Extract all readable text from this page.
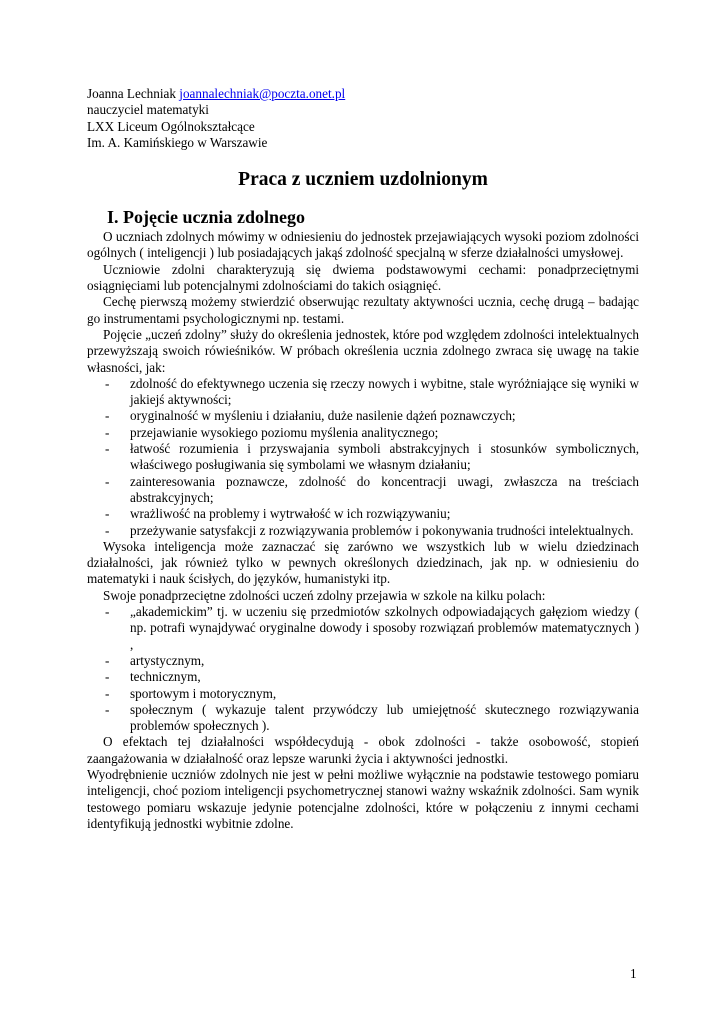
Joanna Lechniak joannalechniak@poczta.onet.pl
nauczyciel matematyki
LXX Liceum Ogólnokształcące
Im. A. Kamińskiego w Warszawie
Praca z uczniem uzdolnionym
I. Pojęcie ucznia zdolnego

O uczniach zdolnych mówimy w odniesieniu do jednostek przejawiających wysoki poziom zdolności ogólnych ( inteligencji ) lub posiadających jakąś zdolność specjalną w sferze działalności umysłowej.

Uczniowie zdolni charakteryzują się dwiema podstawowymi cechami: ponadprzeciętnymi osiągnięciami lub potencjalnymi zdolnościami do takich osiągnięć.

Cechę pierwszą możemy stwierdzić obserwując rezultaty aktywności ucznia, cechę drugą – badając go instrumentami psychologicznymi np. testami.

Pojęcie „uczeń zdolny” służy do określenia jednostek, które pod względem zdolności intelektualnych przewyższają swoich rówieśników. W próbach określenia ucznia zdolnego zwraca się uwagę na takie własności, jak:

- zdolność do efektywnego uczenia się rzeczy nowych i wybitne, stale wyróżniające się wyniki w jakiejś aktywności;
- oryginalność w myśleniu i działaniu, duże nasilenie dążeń poznawczych;
- przejawianie wysokiego poziomu myślenia analitycznego;
- łatwość rozumienia i przyswajania symboli abstrakcyjnych i stosunków symbolicznych, właściwego posługiwania się symbolami we własnym działaniu;
- zainteresowania poznawcze, zdolność do koncentracji uwagi, zwłaszcza na treściach abstrakcyjnych;
- wrażliwość na problemy i wytrwałość w ich rozwiązywaniu;
- przeżywanie satysfakcji z rozwiązywania problemów i pokonywania trudności intelektualnych.

Wysoka inteligencja może zaznaczać się zarówno we wszystkich lub w wielu dziedzinach działalności, jak również tylko w pewnych określonych dziedzinach, jak np. w odniesieniu do matematyki i nauk ścisłych, do języków, humanistyki itp.

Swoje ponadprzeciętne zdolności uczeń zdolny przejawia w szkole na kilku polach:

- „akademickim” tj. w uczeniu się przedmiotów szkolnych odpowiadających gałęziom wiedzy ( np. potrafi wynajdywać oryginalne dowody i sposoby rozwiązań problemów matematycznych ) ,
- artystycznym,
- technicznym,
- sportowym i motorycznym,
- społecznym ( wykazuje talent przywódczy lub umiejętność skutecznego rozwiązywania problemów społecznych ).

O efektach tej działalności współdecydują - obok zdolności - także osobowość, stopień zaangażowania w działalność oraz lepsze warunki życia i aktywności jednostki.

Wyodrębnienie uczniów zdolnych nie jest w pełni możliwe wyłącznie na podstawie testowego pomiaru inteligencji, choć poziom inteligencji psychometrycznej stanowi ważny wskaźnik zdolności. Sam wynik testowego pomiaru wskazuje jedynie potencjalne zdolności, które w połączeniu z innymi cechami identyfikują jednostki wybitnie zdolne.

1
